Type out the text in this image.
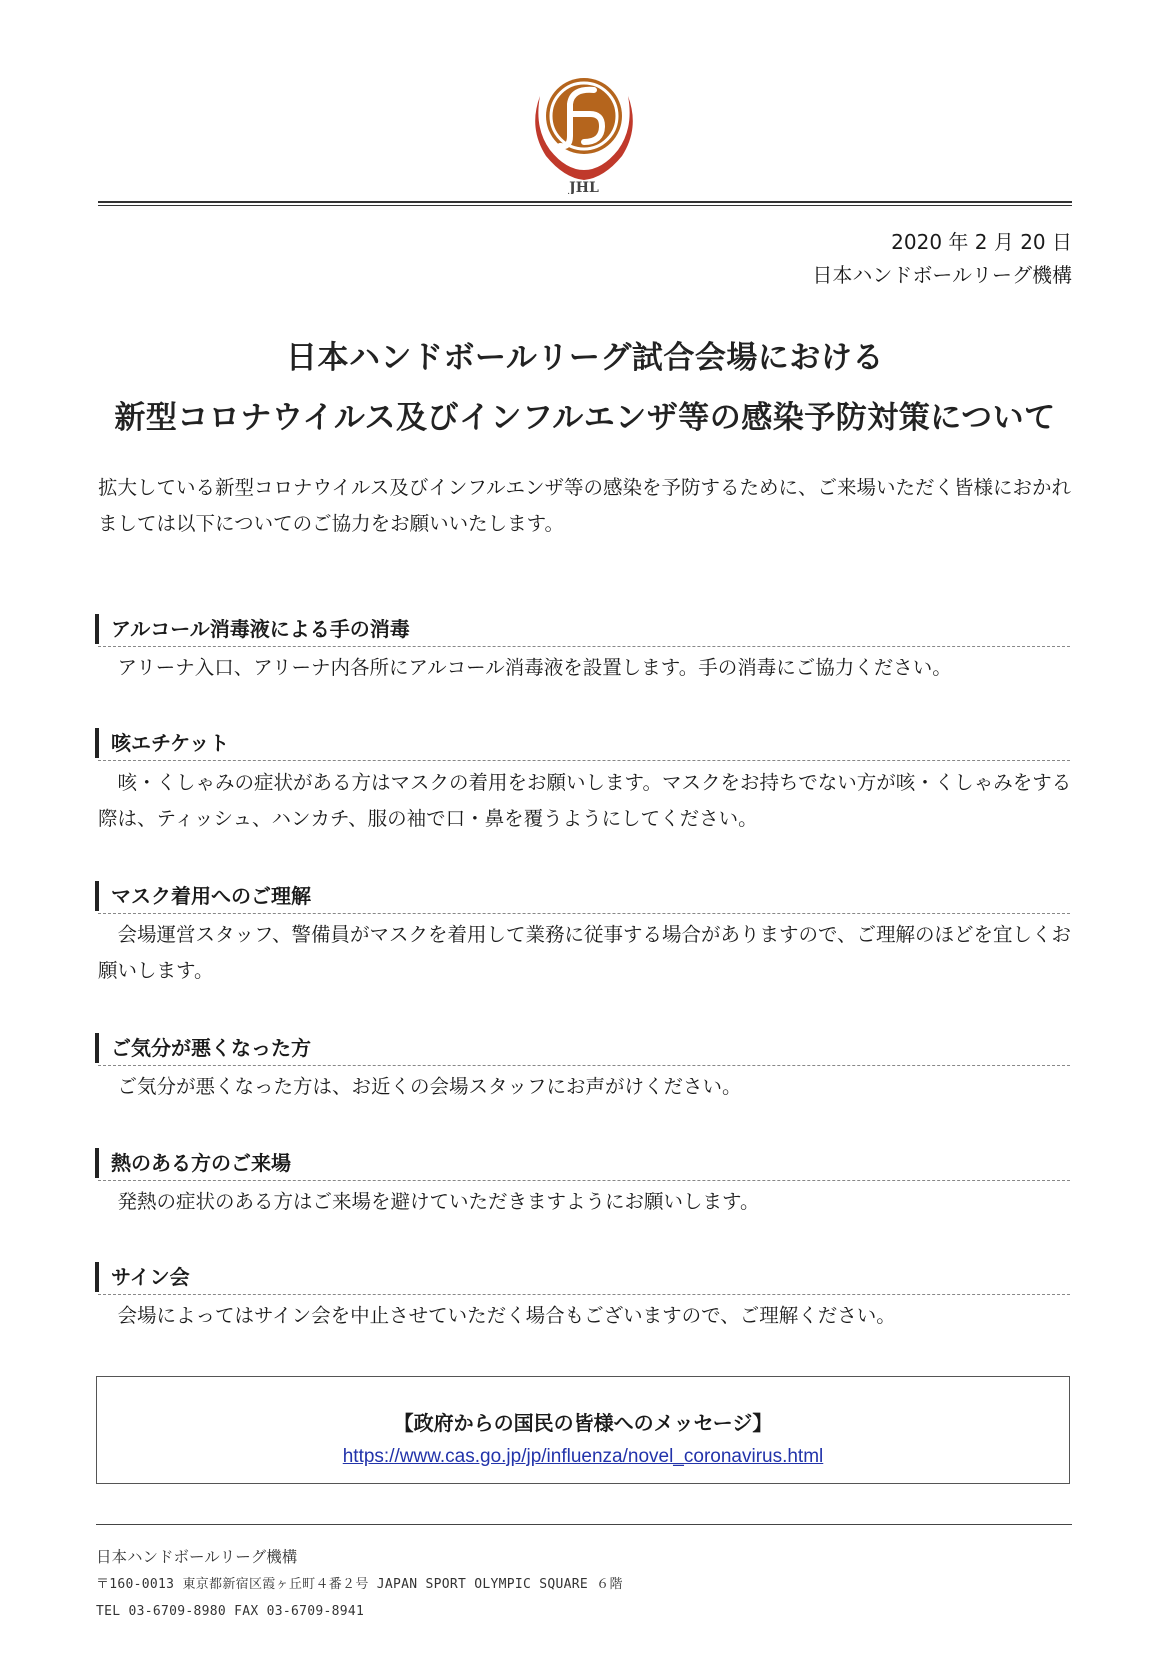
JHL
2020 年 2 月 20 日
日本ハンドボールリーグ機構
日本ハンドボールリーグ試合会場における
新型コロナウイルス及びインフルエンザ等の感染予防対策について
拡大している新型コロナウイルス及びインフルエンザ等の感染を予防するために、ご来場いただく皆様におかれましては以下についてのご協力をお願いいたします。
アルコール消毒液による手の消毒
　アリーナ入口、アリーナ内各所にアルコール消毒液を設置します。手の消毒にご協力ください。
咳エチケット
　咳・くしゃみの症状がある方はマスクの着用をお願いします。マスクをお持ちでない方が咳・くしゃみをする際は、ティッシュ、ハンカチ、服の袖で口・鼻を覆うようにしてください。
マスク着用へのご理解
　会場運営スタッフ、警備員がマスクを着用して業務に従事する場合がありますので、ご理解のほどを宜しくお願いします。
ご気分が悪くなった方
　ご気分が悪くなった方は、お近くの会場スタッフにお声がけください。
熱のある方のご来場
　発熱の症状のある方はご来場を避けていただきますようにお願いします。
サイン会
　会場によってはサイン会を中止させていただく場合もございますので、ご理解ください。
【政府からの国民の皆様へのメッセージ】
https://www.cas.go.jp/jp/influenza/novel_coronavirus.html
日本ハンドボールリーグ機構
〒160-0013 東京都新宿区霞ヶ丘町４番２号 JAPAN SPORT OLYMPIC SQUARE ６階
TEL 03-6709-8980 FAX 03-6709-8941
